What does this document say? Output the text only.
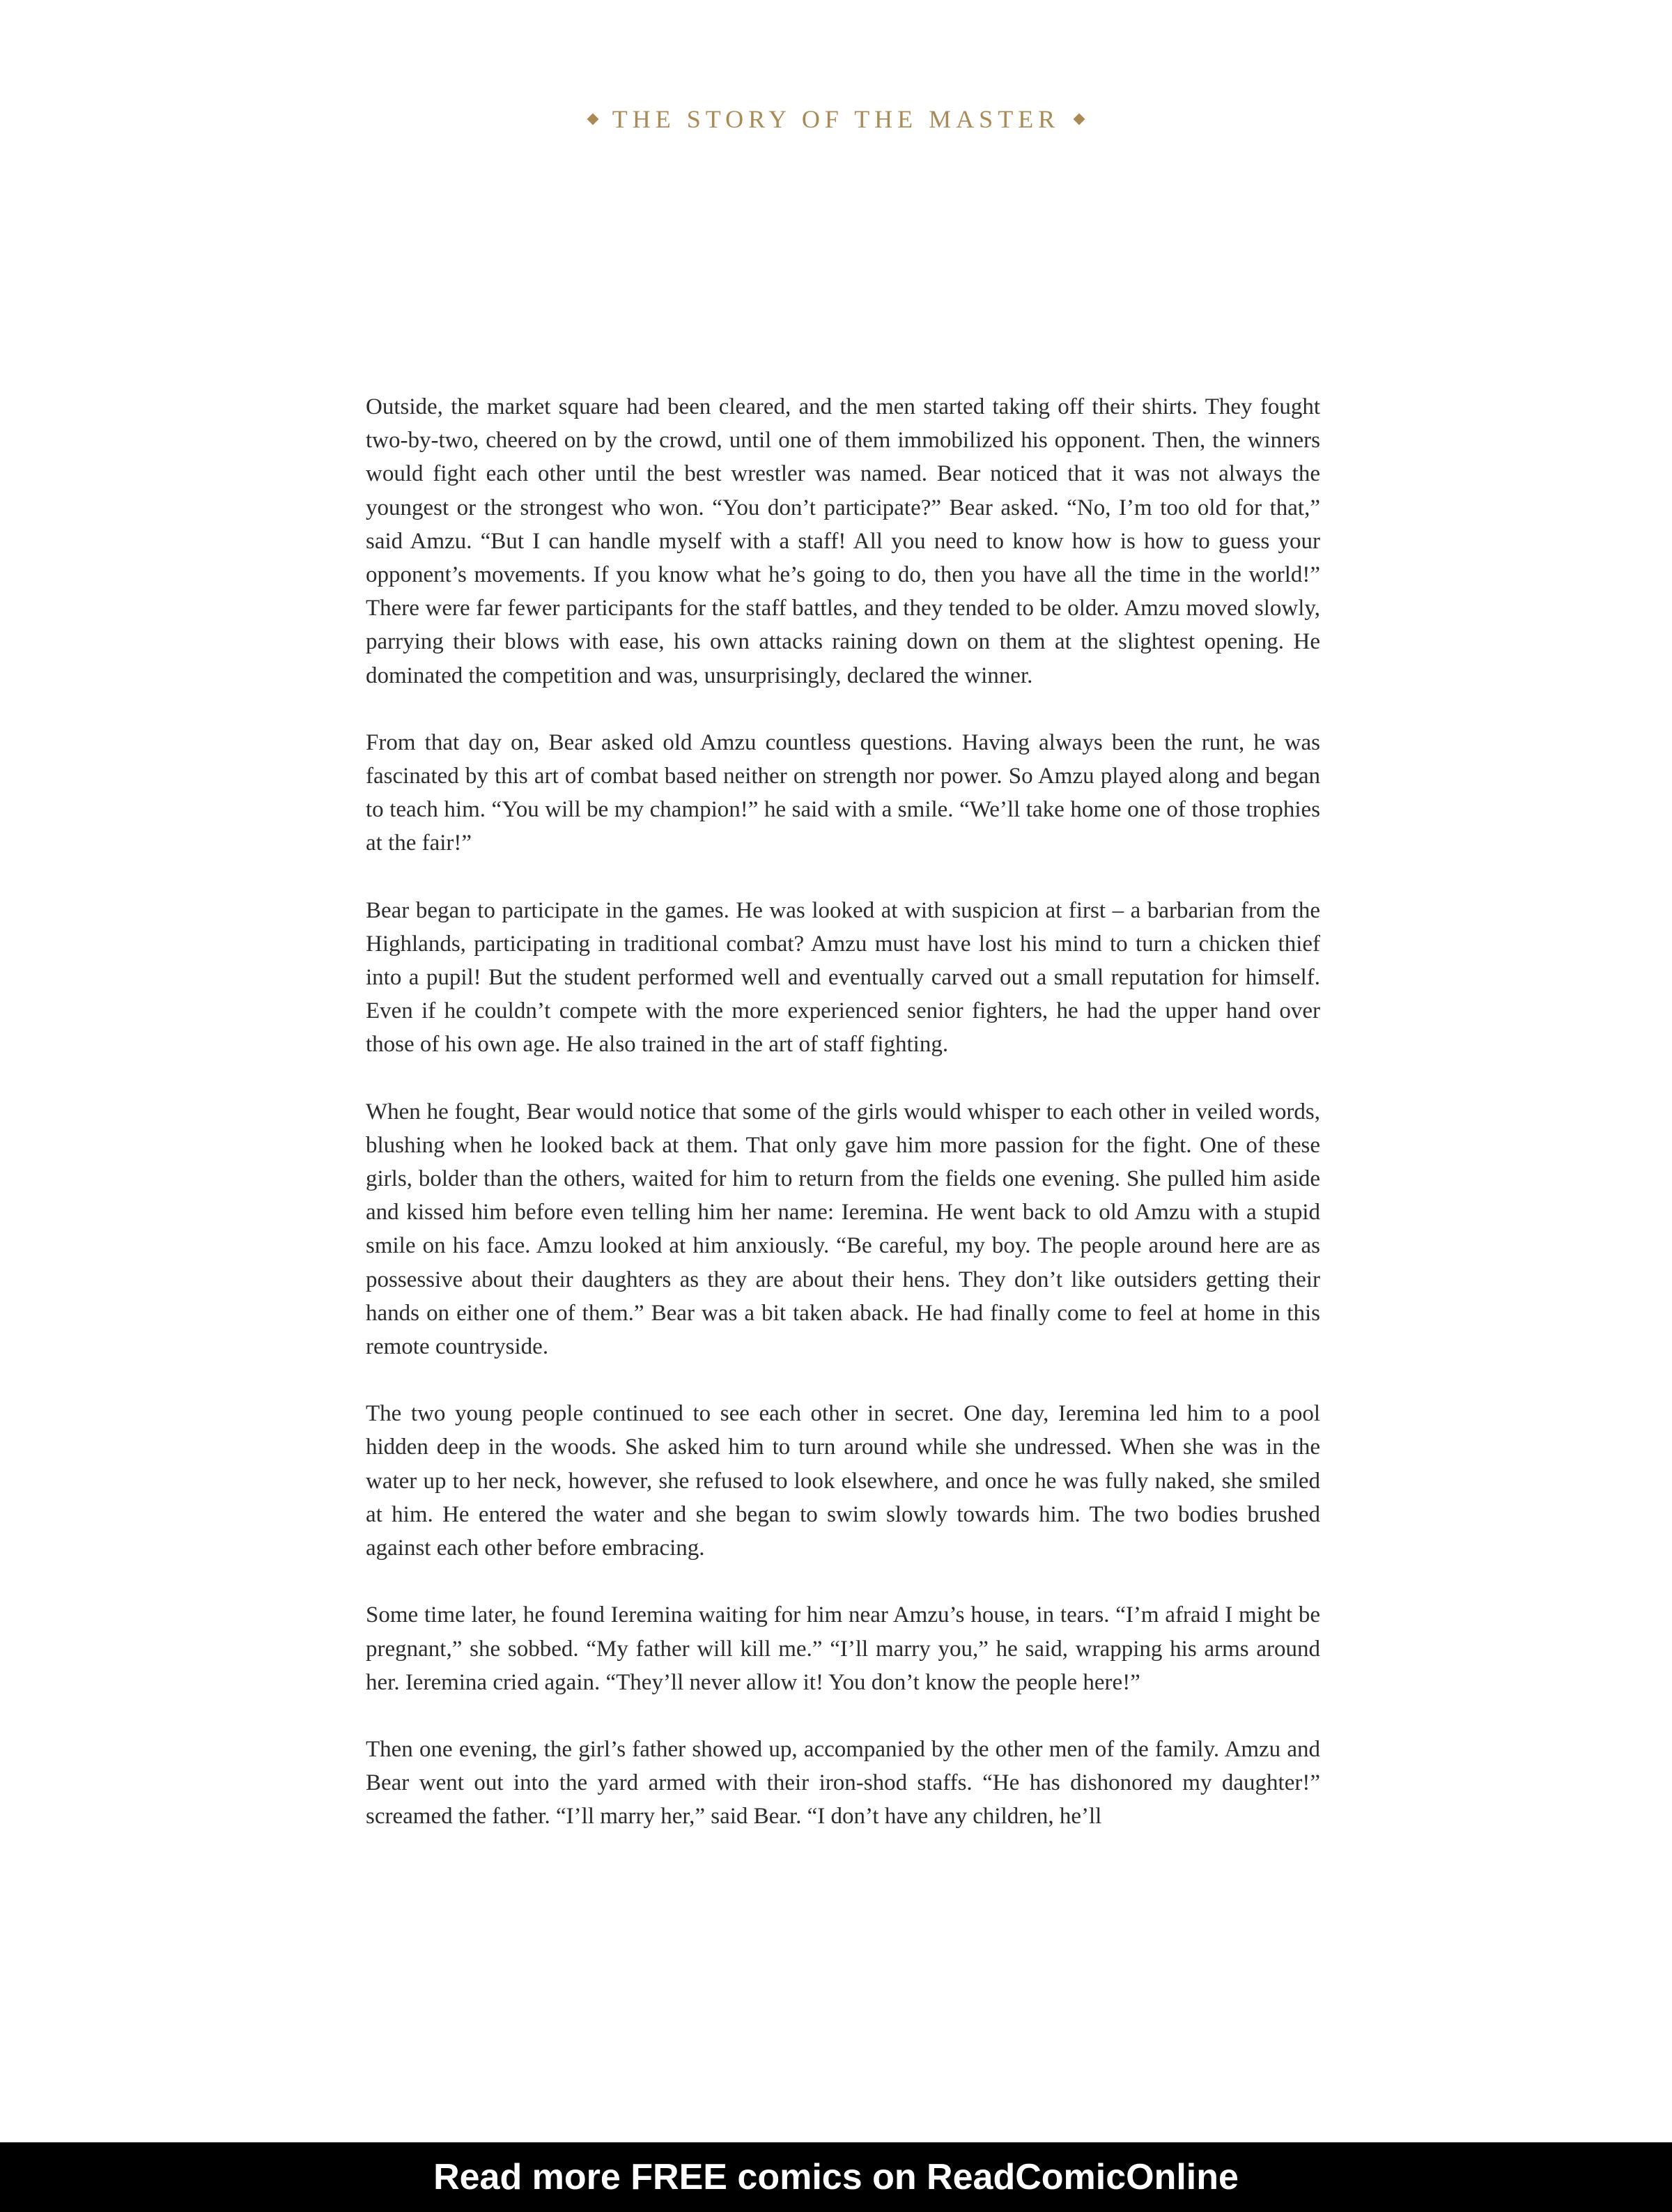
THE STORY OF THE MASTER

Outside, the market square had been cleared, and the men started taking off their shirts. They fought two-by-two, cheered on by the crowd, until one of them immobilized his opponent. Then, the winners would fight each other until the best wrestler was named. Bear noticed that it was not always the youngest or the strongest who won. “You don’t participate?” Bear asked. “No, I’m too old for that,” said Amzu. “But I can handle myself with a staff! All you need to know how is how to guess your opponent’s movements. If you know what he’s going to do, then you have all the time in the world!” There were far fewer participants for the staff battles, and they tended to be older. Amzu moved slowly, parrying their blows with ease, his own attacks raining down on them at the slightest opening. He dominated the competition and was, unsurprisingly, declared the winner.

From that day on, Bear asked old Amzu countless questions. Having always been the runt, he was fascinated by this art of combat based neither on strength nor power. So Amzu played along and began to teach him. “You will be my champion!” he said with a smile. “We’ll take home one of those trophies at the fair!”

Bear began to participate in the games. He was looked at with suspicion at first – a barbarian from the Highlands, participating in traditional combat? Amzu must have lost his mind to turn a chicken thief into a pupil! But the student performed well and eventually carved out a small reputation for himself. Even if he couldn’t compete with the more experienced senior fighters, he had the upper hand over those of his own age. He also trained in the art of staff fighting.

When he fought, Bear would notice that some of the girls would whisper to each other in veiled words, blushing when he looked back at them. That only gave him more passion for the fight. One of these girls, bolder than the others, waited for him to return from the fields one evening. She pulled him aside and kissed him before even telling him her name: Ieremina. He went back to old Amzu with a stupid smile on his face. Amzu looked at him anxiously. “Be careful, my boy. The people around here are as possessive about their daughters as they are about their hens. They don’t like outsiders getting their hands on either one of them.” Bear was a bit taken aback. He had finally come to feel at home in this remote countryside.

The two young people continued to see each other in secret. One day, Ieremina led him to a pool hidden deep in the woods. She asked him to turn around while she undressed. When she was in the water up to her neck, however, she refused to look elsewhere, and once he was fully naked, she smiled at him. He entered the water and she began to swim slowly towards him. The two bodies brushed against each other before embracing.

Some time later, he found Ieremina waiting for him near Amzu’s house, in tears. “I’m afraid I might be pregnant,” she sobbed. “My father will kill me.” “I’ll marry you,” he said, wrapping his arms around her. Ieremina cried again. “They’ll never allow it! You don’t know the people here!”

Then one evening, the girl’s father showed up, accompanied by the other men of the family. Amzu and Bear went out into the yard armed with their iron-shod staffs. “He has dishonored my daughter!” screamed the father. “I’ll marry her,” said Bear. “I don’t have any children, he’ll

Read more FREE comics on ReadComicOnline
